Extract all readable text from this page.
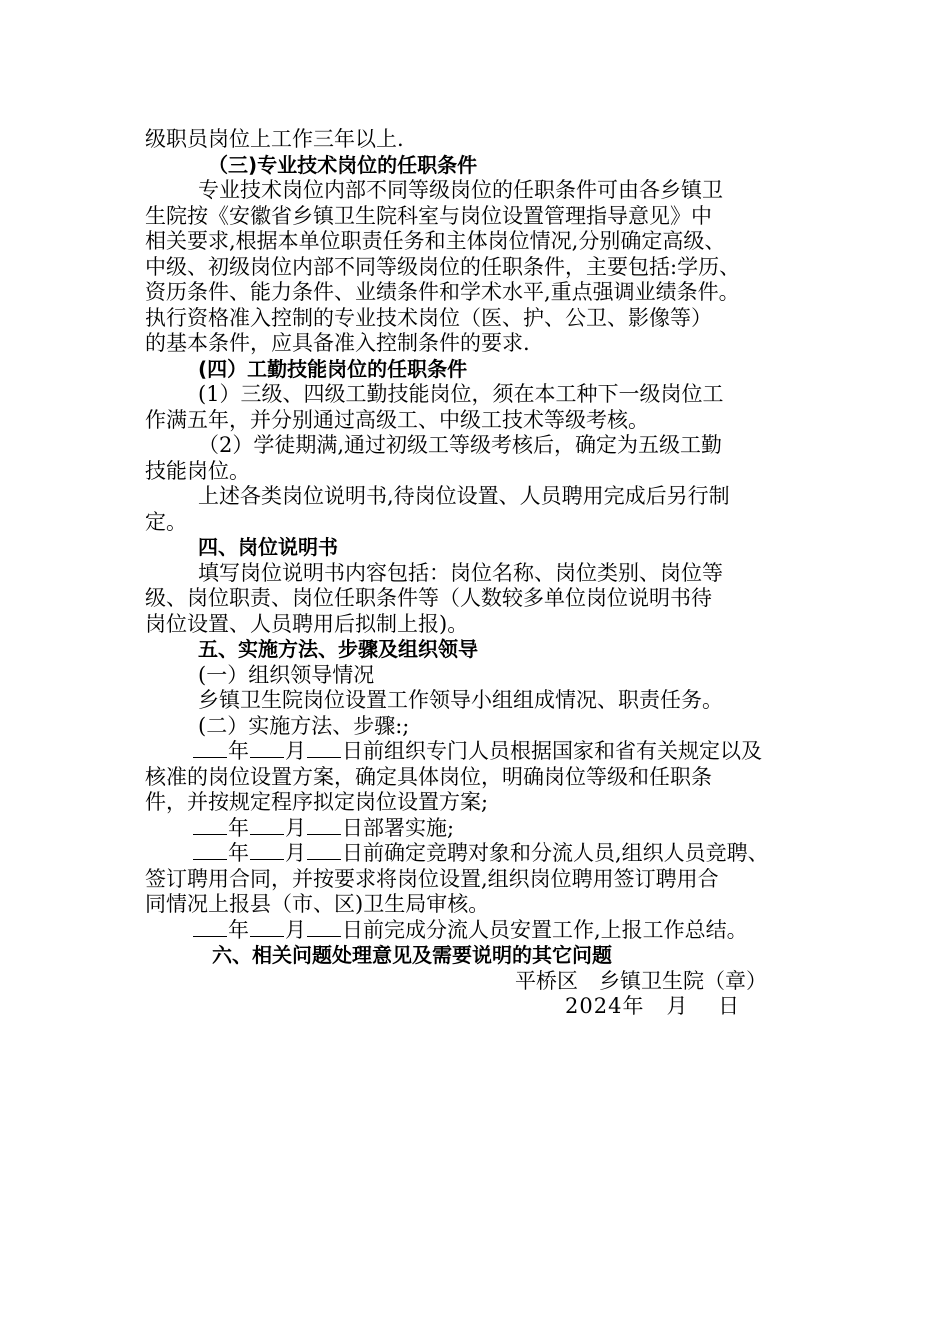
级职员岗位上工作三年以上.
（三)专业技术岗位的任职条件
专业技术岗位内部不同等级岗位的任职条件可由各乡镇卫
生院按《安徽省乡镇卫生院科室与岗位设置管理指导意见》中
相关要求,根据本单位职责任务和主体岗位情况,分别确定高级、
中级、初级岗位内部不同等级岗位的任职条件，主要包括:学历、
资历条件、能力条件、业绩条件和学术水平,重点强调业绩条件。
执行资格准入控制的专业技术岗位（医、护、公卫、影像等）
的基本条件，应具备准入控制条件的要求.
(四）工勤技能岗位的任职条件
(1）三级、四级工勤技能岗位，须在本工种下一级岗位工
作满五年，并分别通过高级工、中级工技术等级考核。
（2）学徒期满,通过初级工等级考核后，确定为五级工勤
技能岗位。
上述各类岗位说明书,待岗位设置、人员聘用完成后另行制
定。
四、岗位说明书
填写岗位说明书内容包括：岗位名称、岗位类别、岗位等
级、岗位职责、岗位任职条件等（人数较多单位岗位说明书待
岗位设置、人员聘用后拟制上报)。
五、实施方法、步骤及组织领导
(一）组织领导情况
乡镇卫生院岗位设置工作领导小组组成情况、职责任务。
(二）实施方法、步骤:;
年 月 日前组织专门人员根据国家和省有关规定以及
核准的岗位设置方案，确定具体岗位，明确岗位等级和任职条
件，并按规定程序拟定岗位设置方案;
年 月 日部署实施;
年 月 日前确定竞聘对象和分流人员,组织人员竞聘、
签订聘用合同，并按要求将岗位设置,组织岗位聘用签订聘用合
同情况上报县（市、区)卫生局审核。
年 月 日前完成分流人员安置工作,上报工作总结。
六、相关问题处理意见及需要说明的其它问题
平桥区　乡镇卫生院（章）
2024年　月　 日
